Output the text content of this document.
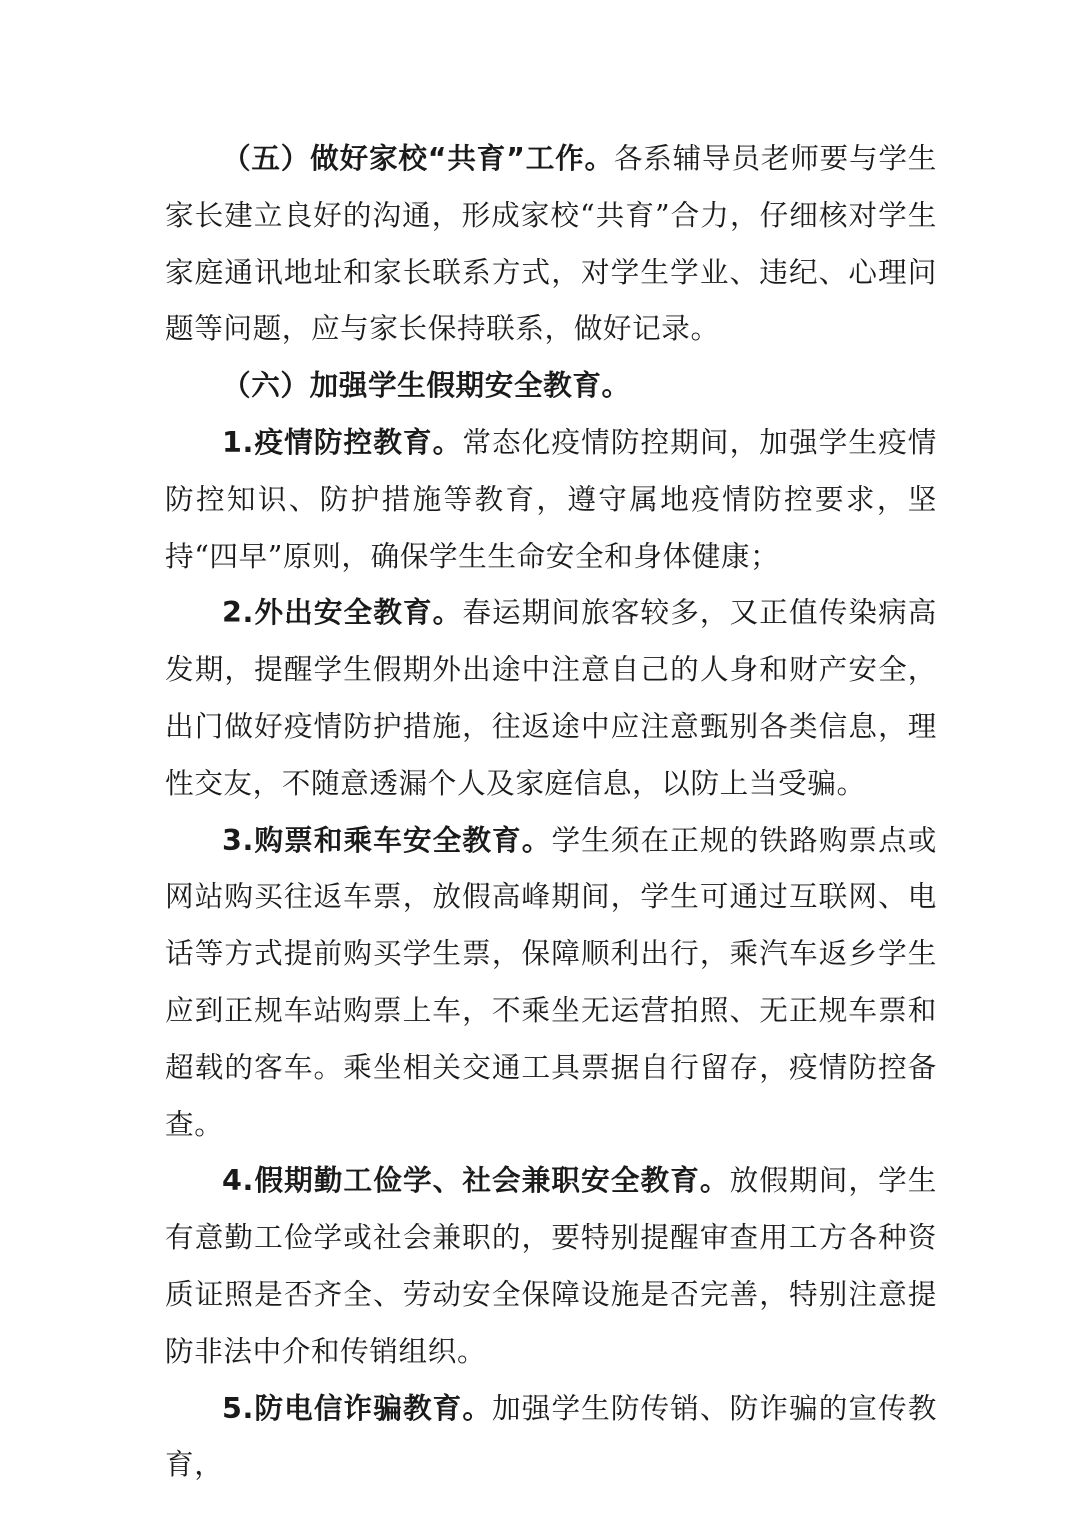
（五）做好家校“共育”工作。各系辅导员老师要与学生家长建立良好的沟通，形成家校“共育”合力，仔细核对学生家庭通讯地址和家长联系方式，对学生学业、违纪、心理问题等问题，应与家长保持联系，做好记录。

（六）加强学生假期安全教育。

1.疫情防控教育。常态化疫情防控期间，加强学生疫情防控知识、防护措施等教育，遵守属地疫情防控要求，坚持“四早”原则，确保学生生命安全和身体健康；

2.外出安全教育。春运期间旅客较多，又正值传染病高发期，提醒学生假期外出途中注意自己的人身和财产安全，出门做好疫情防护措施，往返途中应注意甄别各类信息，理性交友，不随意透漏个人及家庭信息，以防上当受骗。

3.购票和乘车安全教育。学生须在正规的铁路购票点或网站购买往返车票，放假高峰期间，学生可通过互联网、电话等方式提前购买学生票，保障顺利出行，乘汽车返乡学生应到正规车站购票上车，不乘坐无运营拍照、无正规车票和超载的客车。乘坐相关交通工具票据自行留存，疫情防控备查。

4.假期勤工俭学、社会兼职安全教育。放假期间，学生有意勤工俭学或社会兼职的，要特别提醒审查用工方各种资质证照是否齐全、劳动安全保障设施是否完善，特别注意提防非法中介和传销组织。

5.防电信诈骗教育。加强学生防传销、防诈骗的宣传教育，
